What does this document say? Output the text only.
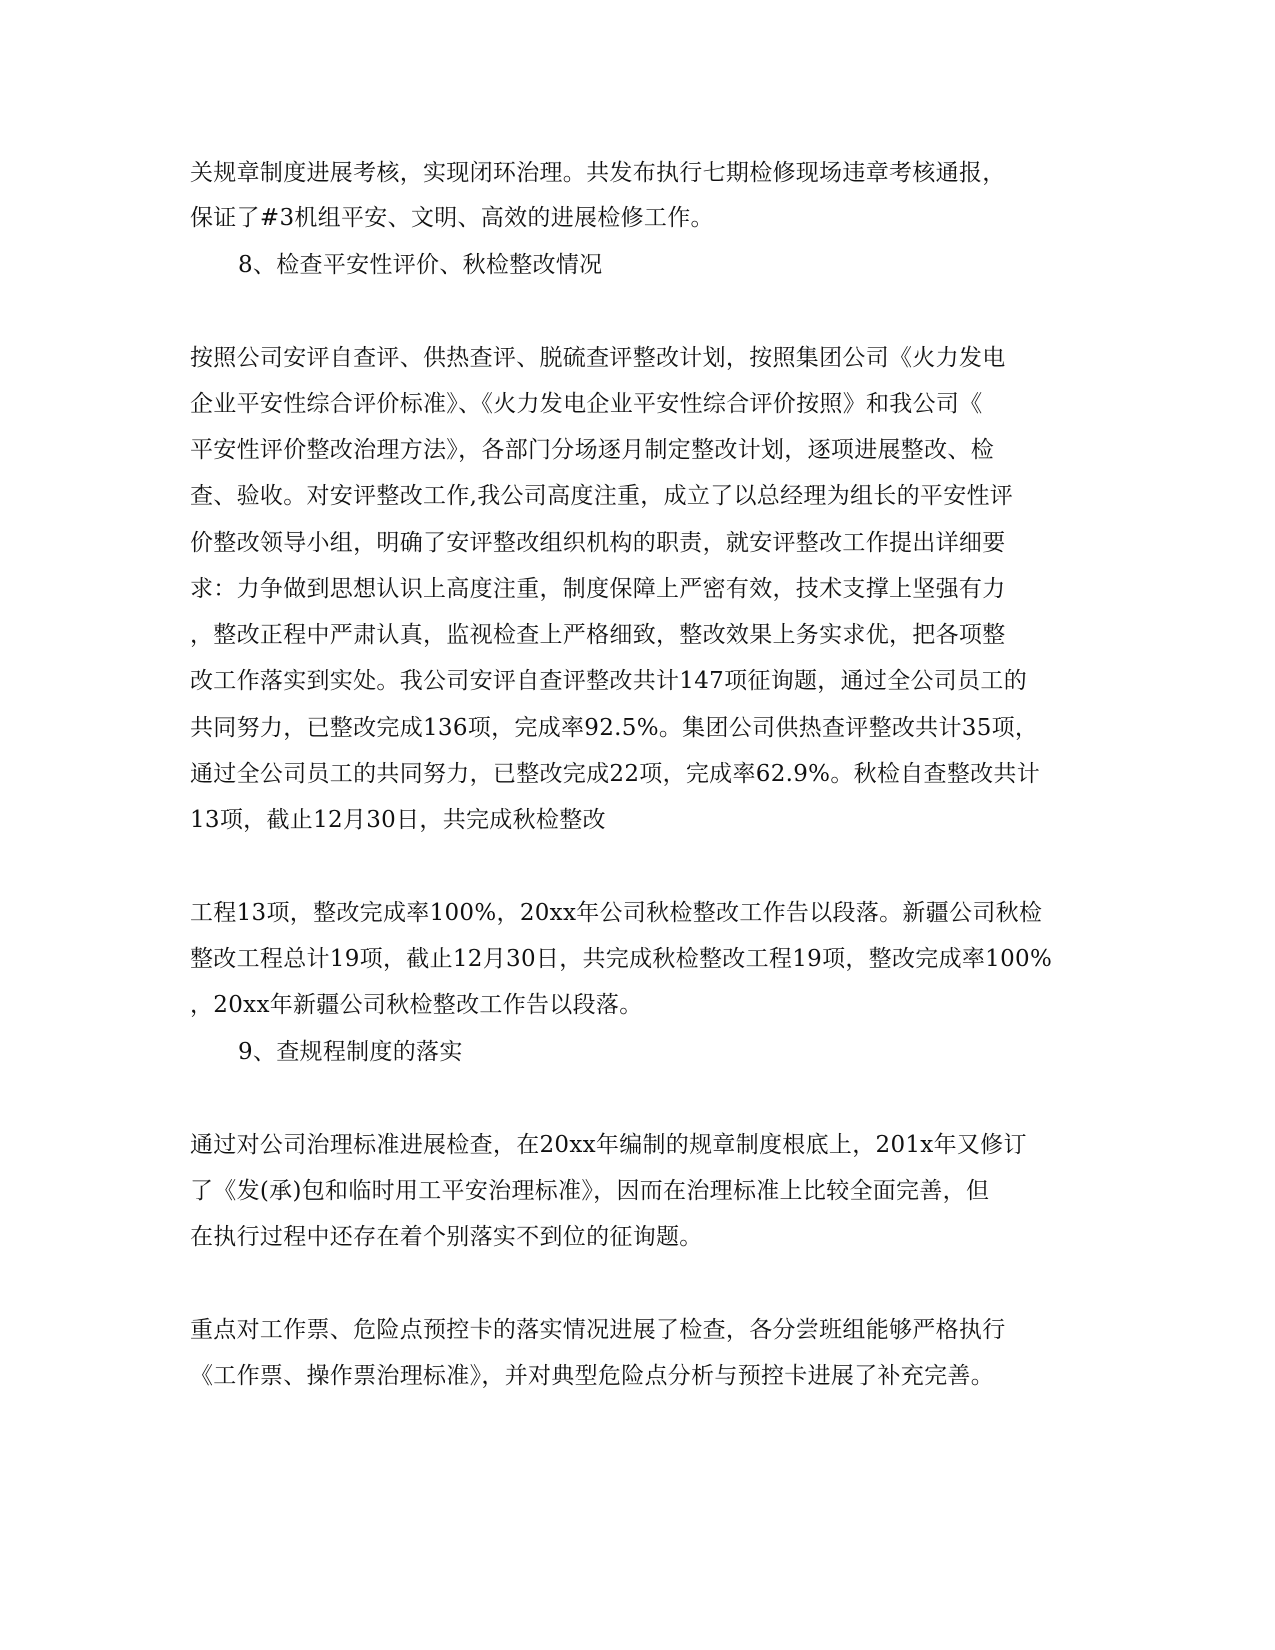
关规章制度进展考核，实现闭环治理。共发布执行七期检修现场违章考核通报，
保证了#3机组平安、文明、高效的进展检修工作。
8、检查平安性评价、秋检整改情况
按照公司安评自查评、供热查评、脱硫查评整改计划，按照集团公司《火力发电
企业平安性综合评价标准》、《火力发电企业平安性综合评价按照》和我公司《
平安性评价整改治理方法》，各部门分场逐月制定整改计划，逐项进展整改、检
查、验收。对安评整改工作,我公司高度注重，成立了以总经理为组长的平安性评
价整改领导小组，明确了安评整改组织机构的职责，就安评整改工作提出详细要
求：力争做到思想认识上高度注重，制度保障上严密有效，技术支撑上坚强有力
，整改正程中严肃认真，监视检查上严格细致，整改效果上务实求优，把各项整
改工作落实到实处。我公司安评自查评整改共计147项征询题，通过全公司员工的
共同努力，已整改完成136项，完成率92.5%。集团公司供热查评整改共计35项，
通过全公司员工的共同努力，已整改完成22项，完成率62.9%。秋检自查整改共计
13项，截止12月30日，共完成秋检整改
工程13项，整改完成率100%，20xx年公司秋检整改工作告以段落。新疆公司秋检
整改工程总计19项，截止12月30日，共完成秋检整改工程19项，整改完成率100%
，20xx年新疆公司秋检整改工作告以段落。
9、查规程制度的落实
通过对公司治理标准进展检查，在20xx年编制的规章制度根底上，201x年又修订
了《发(承)包和临时用工平安治理标准》，因而在治理标准上比较全面完善，但
在执行过程中还存在着个别落实不到位的征询题。
重点对工作票、危险点预控卡的落实情况进展了检查，各分尝班组能够严格执行
《工作票、操作票治理标准》，并对典型危险点分析与预控卡进展了补充完善。
